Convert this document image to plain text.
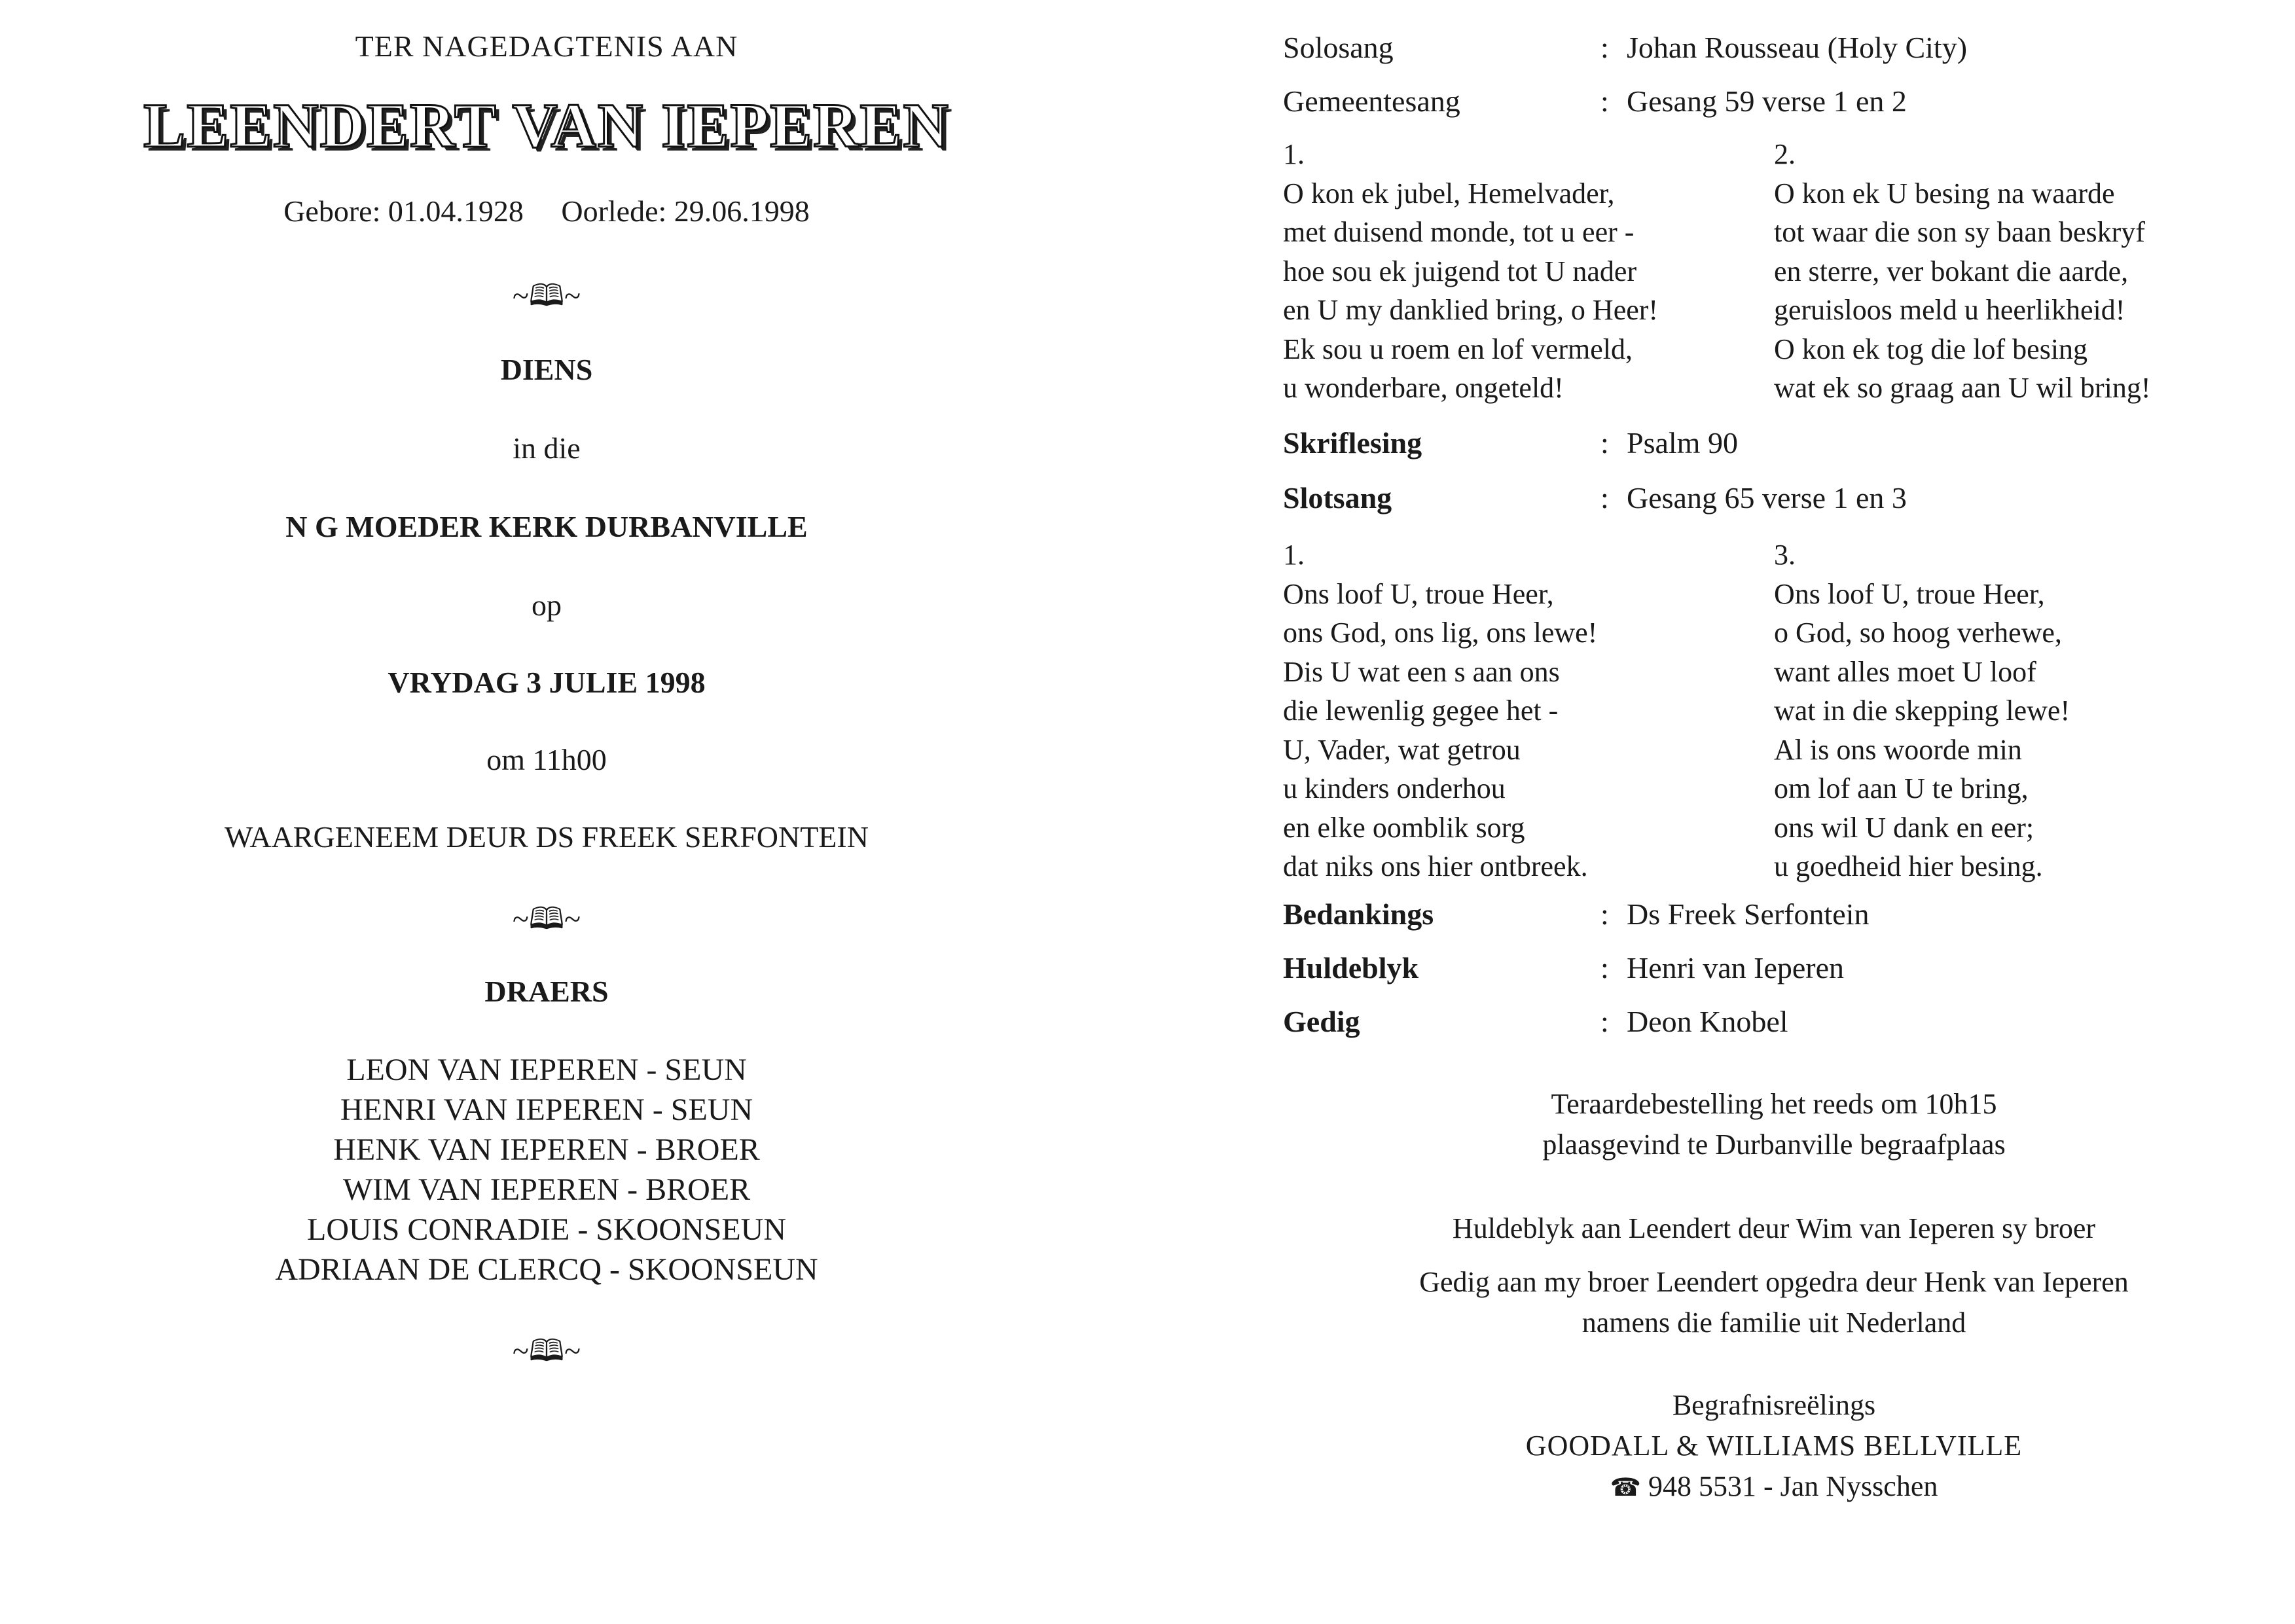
TER NAGEDAGTENIS AAN
LEENDERT VAN IEPEREN
Gebore: 01.04.1928 Oorlede: 29.06.1998
~🕮~
DIENS
in die
N G MOEDER KERK DURBANVILLE
op
VRYDAG 3 JULIE 1998
om 11h00
WAARGENEEM DEUR DS FREEK SERFONTEIN
~🕮~
DRAERS
LEON VAN IEPEREN - SEUN
HENRI VAN IEPEREN - SEUN
HENK VAN IEPEREN - BROER
WIM VAN IEPEREN - BROER
LOUIS CONRADIE - SKOONSEUN
ADRIAAN DE CLERCQ - SKOONSEUN
~🕮~
Solosang	: Johan Rousseau (Holy City)
Gemeentesang	: Gesang 59 verse 1 en 2
1.
O kon ek jubel, Hemelvader,
met duisend monde, tot u eer -
hoe sou ek juigend tot U nader
en U my danklied bring, o Heer!
Ek sou u roem en lof vermeld,
u wonderbare, ongeteld!
2.
O kon ek U besing na waarde
tot waar die son sy baan beskryf
en sterre, ver bokant die aarde,
geruisloos meld u heerlikheid!
O kon ek tog die lof besing
wat ek so graag aan U wil bring!
Skriflesing	: Psalm 90
Slotsang	: Gesang 65 verse 1 en 3
1.
Ons loof U, troue Heer,
ons God, ons lig, ons lewe!
Dis U wat een s aan ons
die lewenlig gegee het -
U, Vader, wat getrou
u kinders onderhou
en elke oomblik sorg
dat niks ons hier ontbreek.
3.
Ons loof U, troue Heer,
o God, so hoog verhewe,
want alles moet U loof
wat in die skepping lewe!
Al is ons woorde min
om lof aan U te bring,
ons wil U dank en eer;
u goedheid hier besing.
Bedankings	: Ds Freek Serfontein
Huldeblyk	: Henri van Ieperen
Gedig	: Deon Knobel
Teraardebestelling het reeds om 10h15
plaasgevind te Durbanville begraafplaas
Huldeblyk aan Leendert deur Wim van Ieperen sy broer
Gedig aan my broer Leendert opgedra deur Henk van Ieperen
namens die familie uit Nederland
Begrafnisreëlings
GOODALL & WILLIAMS BELLVILLE
☎ 948 5531 - Jan Nysschen
